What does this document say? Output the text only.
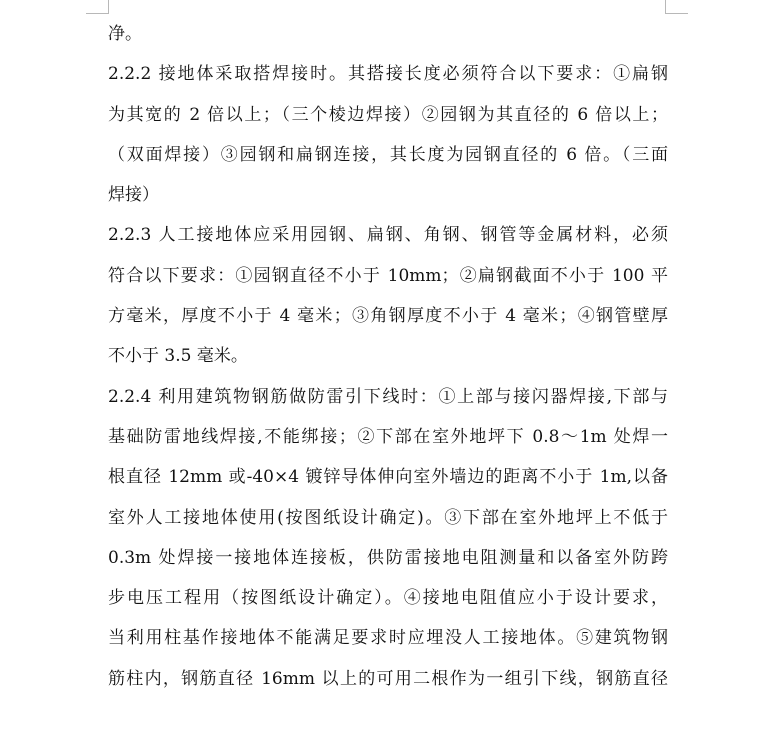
净。
2.2.2 接地体采取搭焊接时。其搭接长度必须符合以下要求：①扁钢
为其宽的 2 倍以上；（三个棱边焊接）②园钢为其直径的 6 倍以上；
（双面焊接）③园钢和扁钢连接，其长度为园钢直径的 6 倍。（三面
焊接）
2.2.3 人工接地体应采用园钢、扁钢、角钢、钢管等金属材料，必须
符合以下要求：①园钢直径不小于 10mm；②扁钢截面不小于 100 平
方毫米，厚度不小于 4 毫米；③角钢厚度不小于 4 毫米；④钢管壁厚
不小于 3.5 毫米。
2.2.4 利用建筑物钢筋做防雷引下线时：①上部与接闪器焊接,下部与
基础防雷地线焊接,不能绑接；②下部在室外地坪下 0.8～1m 处焊一
根直径 12mm 或-40×4 镀锌导体伸向室外墙边的距离不小于 1m,以备
室外人工接地体使用(按图纸设计确定)。③下部在室外地坪上不低于
0.3m 处焊接一接地体连接板，供防雷接地电阻测量和以备室外防跨
步电压工程用（按图纸设计确定）。④接地电阻值应小于设计要求，
当利用柱基作接地体不能满足要求时应埋没人工接地体。⑤建筑物钢
筋柱内，钢筋直径 16mm 以上的可用二根作为一组引下线，钢筋直径
